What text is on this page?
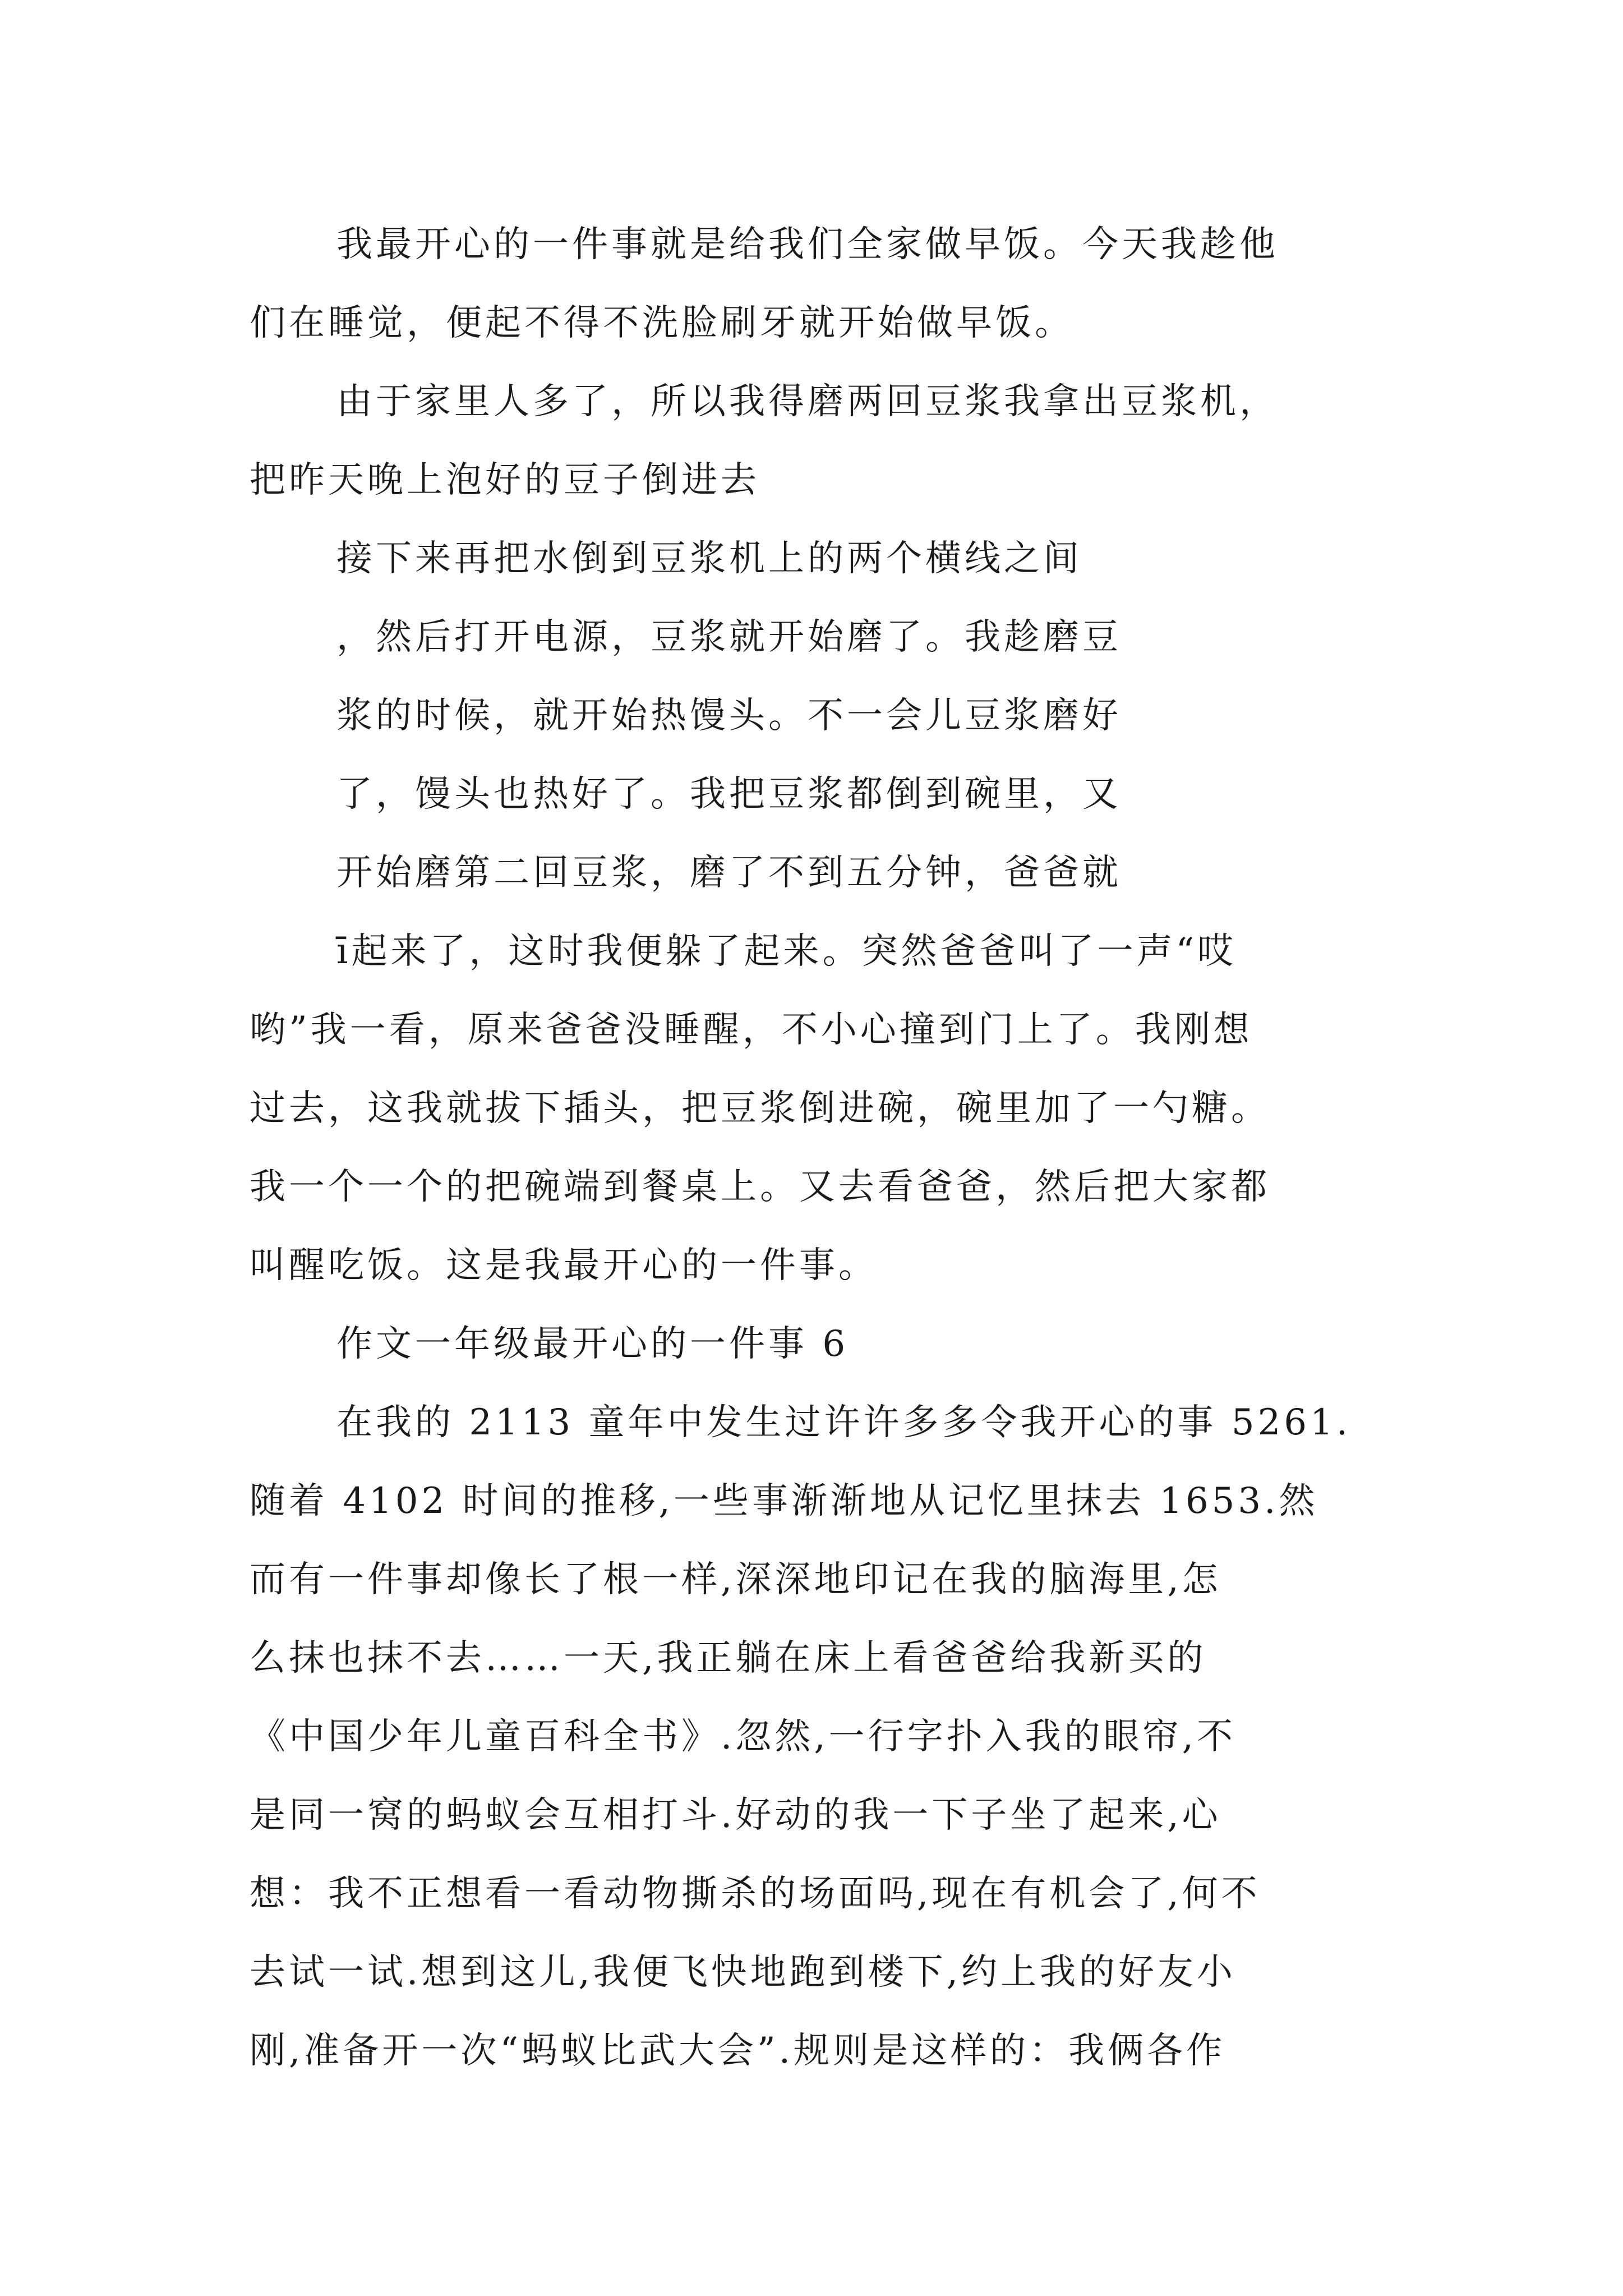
我最开心的一件事就是给我们全家做早饭。今天我趁他
们在睡觉，便起不得不洗脸刷牙就开始做早饭。
由于家里人多了，所以我得磨两回豆浆我拿出豆浆机，
把昨天晚上泡好的豆子倒进去
接下来再把水倒到豆浆机上的两个横线之间
，然后打开电源，豆浆就开始磨了。我趁磨豆
浆的时候，就开始热馒头。不一会儿豆浆磨好
了，馒头也热好了。我把豆浆都倒到碗里，又
开始磨第二回豆浆，磨了不到五分钟，爸爸就
ī起来了，这时我便躲了起来。突然爸爸叫了一声“哎
哟”我一看，原来爸爸没睡醒，不小心撞到门上了。我刚想
过去，这我就拔下插头，把豆浆倒进碗，碗里加了一勺糖。
我一个一个的把碗端到餐桌上。又去看爸爸，然后把大家都
叫醒吃饭。这是我最开心的一件事。
作文一年级最开心的一件事 6
在我的 2113 童年中发生过许许多多令我开心的事 5261.
随着 4102 时间的推移,一些事渐渐地从记忆里抹去 1653.然
而有一件事却像长了根一样,深深地印记在我的脑海里,怎
么抹也抹不去……一天,我正躺在床上看爸爸给我新买的
《中国少年儿童百科全书》.忽然,一行字扑入我的眼帘,不
是同一窝的蚂蚁会互相打斗.好动的我一下子坐了起来,心
想：我不正想看一看动物撕杀的场面吗,现在有机会了,何不
去试一试.想到这儿,我便飞快地跑到楼下,约上我的好友小
刚,准备开一次“蚂蚁比武大会”.规则是这样的：我俩各作
